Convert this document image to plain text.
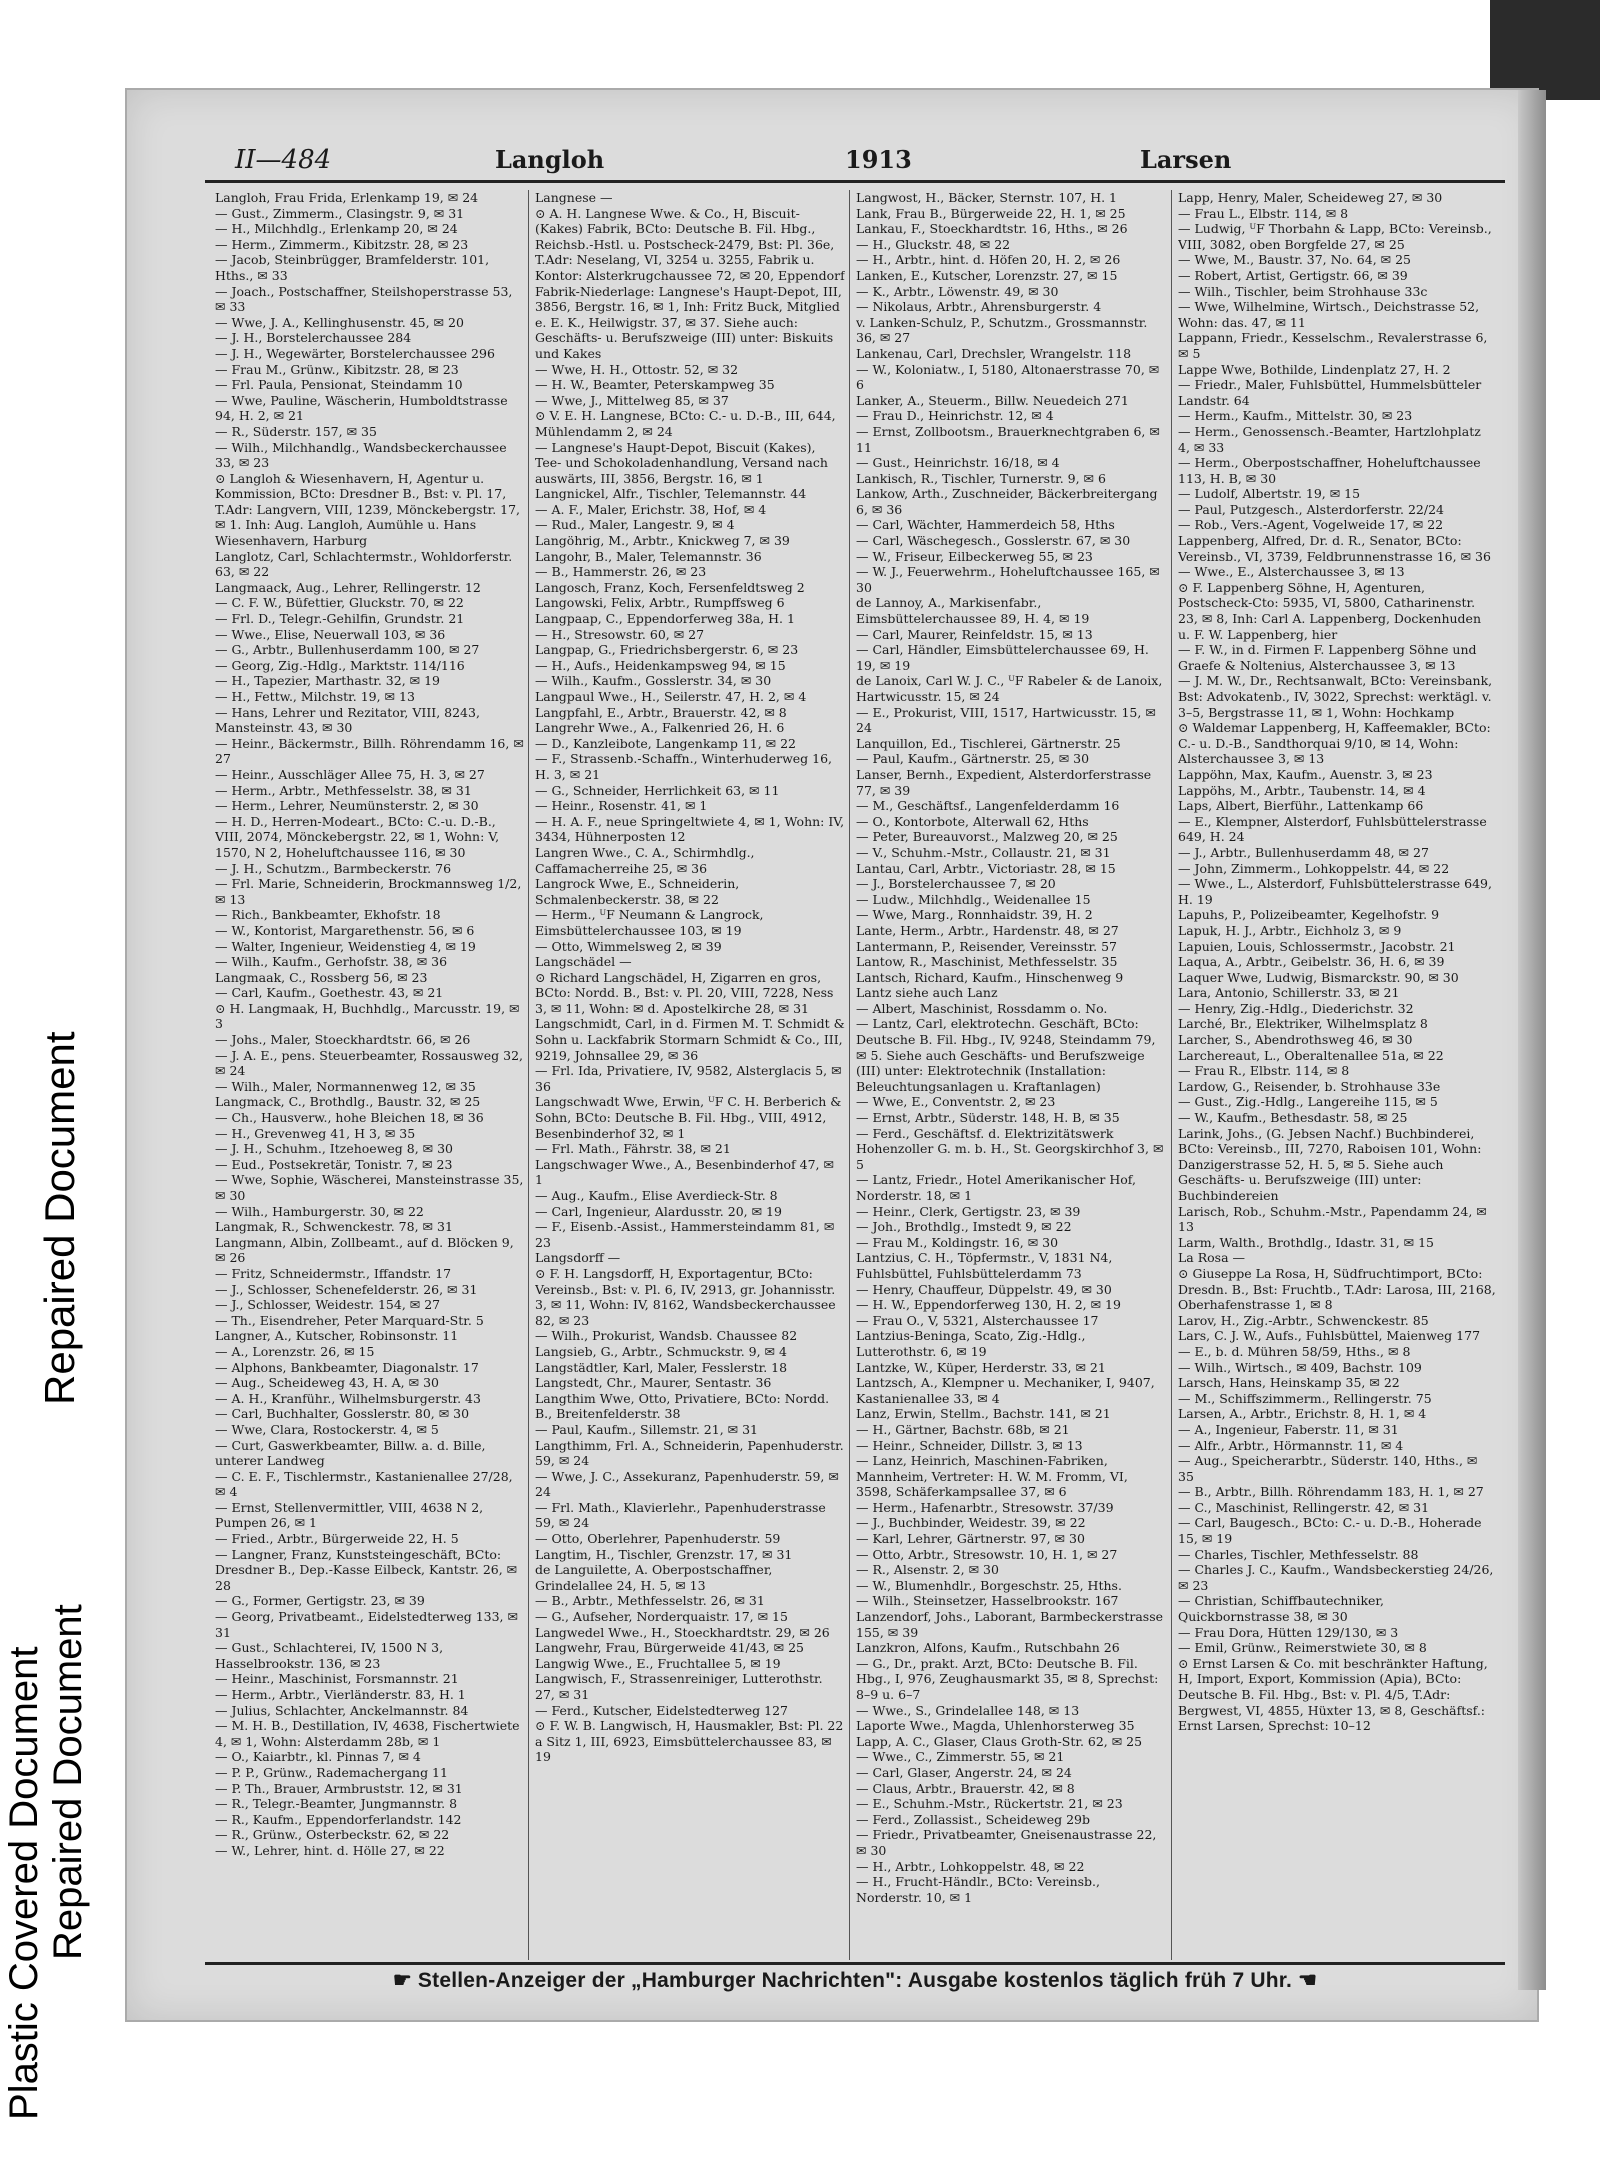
Plastic Covered Document Repaired Document
Repaired Document
II—484	Langloh	1913	Larsen

Langloh, Frau Frida, Erlenkamp 19, ✉ 24

— Gust., Zimmerm., Clasingstr. 9, ✉ 31

— H., Milchhdlg., Erlenkamp 20, ✉ 24

— Herm., Zimmerm., Kibitzstr. 28, ✉ 23

— Jacob, Steinbrügger, Bramfelderstr. 101, Hths., ✉ 33

— Joach., Postschaffner, Steilshoperstrasse 53, ✉ 33

— Wwe, J. A., Kellinghusenstr. 45, ✉ 20

— J. H., Borstelerchaussee 284

— J. H., Wegewärter, Borstelerchaussee 296

— Frau M., Grünw., Kibitzstr. 28, ✉ 23

— Frl. Paula, Pensionat, Steindamm 10

— Wwe, Pauline, Wäscherin, Humboldtstrasse 94, H. 2, ✉ 21

— R., Süderstr. 157, ✉ 35

— Wilh., Milchhandlg., Wandsbeckerchaussee 33, ✉ 23

⊙ Langloh & Wiesenhavern, H, Agentur u. Kommission, BCto: Dresdner B., Bst: v. Pl. 17, T.Adr: Langvern, VIII, 1239, Mönckebergstr. 17, ✉ 1. Inh: Aug. Langloh, Aumühle u. Hans Wiesenhavern, Harburg

Langlotz, Carl, Schlachtermstr., Wohldorferstr. 63, ✉ 22

Langmaack, Aug., Lehrer, Rellingerstr. 12

— C. F. W., Büfettier, Gluckstr. 70, ✉ 22

— Frl. D., Telegr.-Gehilfin, Grundstr. 21

— Wwe., Elise, Neuerwall 103, ✉ 36

— G., Arbtr., Bullenhuserdamm 100, ✉ 27

— Georg, Zig.-Hdlg., Marktstr. 114/116

— H., Tapezier, Marthastr. 32, ✉ 19

— H., Fettw., Milchstr. 19, ✉ 13

— Hans, Lehrer und Rezitator, VIII, 8243, Mansteinstr. 43, ✉ 30

— Heinr., Bäckermstr., Billh. Röhrendamm 16, ✉ 27

— Heinr., Ausschläger Allee 75, H. 3, ✉ 27

— Herm., Arbtr., Methfesselstr. 38, ✉ 31

— Herm., Lehrer, Neumünsterstr. 2, ✉ 30

— H. D., Herren-Modeart., BCto: C.-u. D.-B., VIII, 2074, Mönckebergstr. 22, ✉ 1, Wohn: V, 1570, N 2, Hoheluftchaussee 116, ✉ 30

— J. H., Schutzm., Barmbeckerstr. 76

— Frl. Marie, Schneiderin, Brockmannsweg 1/2, ✉ 13

— Rich., Bankbeamter, Ekhofstr. 18

— W., Kontorist, Margarethenstr. 56, ✉ 6

— Walter, Ingenieur, Weidenstieg 4, ✉ 19

— Wilh., Kaufm., Gerhofstr. 38, ✉ 36

Langmaak, C., Rossberg 56, ✉ 23

— Carl, Kaufm., Goethestr. 43, ✉ 21

⊙ H. Langmaak, H, Buchhdlg., Marcusstr. 19, ✉ 3

— Johs., Maler, Stoeckhardtstr. 66, ✉ 26

— J. A. E., pens. Steuerbeamter, Rossausweg 32, ✉ 24

— Wilh., Maler, Normannenweg 12, ✉ 35

Langmack, C., Brothdlg., Baustr. 32, ✉ 25

— Ch., Hausverw., hohe Bleichen 18, ✉ 36

— H., Grevenweg 41, H 3, ✉ 35

— J. H., Schuhm., Itzehoeweg 8, ✉ 30

— Eud., Postsekretär, Tonistr. 7, ✉ 23

— Wwe, Sophie, Wäscherei, Mansteinstrasse 35, ✉ 30

— Wilh., Hamburgerstr. 30, ✉ 22

Langmak, R., Schwenckestr. 78, ✉ 31

Langmann, Albin, Zollbeamt., auf d. Blöcken 9, ✉ 26

— Fritz, Schneidermstr., Iffandstr. 17

— J., Schlosser, Schenefelderstr. 26, ✉ 31

— J., Schlosser, Weidestr. 154, ✉ 27

— Th., Eisendreher, Peter Marquard-Str. 5

Langner, A., Kutscher, Robinsonstr. 11

— A., Lorenzstr. 26, ✉ 15

— Alphons, Bankbeamter, Diagonalstr. 17

— Aug., Scheideweg 43, H. A, ✉ 30

— A. H., Kranführ., Wilhelmsburgerstr. 43

— Carl, Buchhalter, Gosslerstr. 80, ✉ 30

— Wwe, Clara, Rostockerstr. 4, ✉ 5

— Curt, Gaswerkbeamter, Billw. a. d. Bille, unterer Landweg

— C. E. F., Tischlermstr., Kastanienallee 27/28, ✉ 4

— Ernst, Stellenvermittler, VIII, 4638 N 2, Pumpen 26, ✉ 1

— Fried., Arbtr., Bürgerweide 22, H. 5

— Langner, Franz, Kunststeingeschäft, BCto: Dresdner B., Dep.-Kasse Eilbeck, Kantstr. 26, ✉ 28

— G., Former, Gertigstr. 23, ✉ 39

— Georg, Privatbeamt., Eidelstedterweg 133, ✉ 31

— Gust., Schlachterei, IV, 1500 N 3, Hasselbrookstr. 136, ✉ 23

— Heinr., Maschinist, Forsmannstr. 21

— Herm., Arbtr., Vierländerstr. 83, H. 1

— Julius, Schlachter, Anckelmannstr. 84

— M. H. B., Destillation, IV, 4638, Fischertwiete 4, ✉ 1, Wohn: Alsterdamm 28b, ✉ 1

— O., Kaiarbtr., kl. Pinnas 7, ✉ 4

— P. P., Grünw., Rademachergang 11

— P. Th., Brauer, Armbruststr. 12, ✉ 31

— R., Telegr.-Beamter, Jungmannstr. 8

— R., Kaufm., Eppendorferlandstr. 142

— R., Grünw., Osterbeckstr. 62, ✉ 22

— W., Lehrer, hint. d. Hölle 27, ✉ 22

Langnese —

⊙ A. H. Langnese Wwe. & Co., H, Biscuit-(Kakes) Fabrik, BCto: Deutsche B. Fil. Hbg., Reichsb.-Hstl. u. Postscheck-2479, Bst: Pl. 36e, T.Adr: Neselang, VI, 3254 u. 3255, Fabrik u. Kontor: Alsterkrugchaussee 72, ✉ 20, Eppendorf Fabrik-Niederlage: Langnese's Haupt-Depot, III, 3856, Bergstr. 16, ✉ 1, Inh: Fritz Buck, Mitglied e. E. K., Heilwigstr. 37, ✉ 37. Siehe auch: Geschäfts- u. Berufszweige (III) unter: Biskuits und Kakes

— Wwe, H. H., Ottostr. 52, ✉ 32

— H. W., Beamter, Peterskampweg 35

— Wwe, J., Mittelweg 85, ✉ 37

⊙ V. E. H. Langnese, BCto: C.- u. D.-B., III, 644, Mühlendamm 2, ✉ 24

— Langnese's Haupt-Depot, Biscuit (Kakes), Tee- und Schokoladenhandlung, Versand nach auswärts, III, 3856, Bergstr. 16, ✉ 1

Langnickel, Alfr., Tischler, Telemannstr. 44

— A. F., Maler, Erichstr. 38, Hof, ✉ 4

— Rud., Maler, Langestr. 9, ✉ 4

Langöhrig, M., Arbtr., Knickweg 7, ✉ 39

Langohr, B., Maler, Telemannstr. 36

— B., Hammerstr. 26, ✉ 23

Langosch, Franz, Koch, Fersenfeldtsweg 2

Langowski, Felix, Arbtr., Rumpffsweg 6

Langpaap, C., Eppendorferweg 38a, H. 1

— H., Stresowstr. 60, ✉ 27

Langpap, G., Friedrichsbergerstr. 6, ✉ 23

— H., Aufs., Heidenkampsweg 94, ✉ 15

— Wilh., Kaufm., Gosslerstr. 34, ✉ 30

Langpaul Wwe., H., Seilerstr. 47, H. 2, ✉ 4

Langpfahl, E., Arbtr., Brauerstr. 42, ✉ 8

Langrehr Wwe., A., Falkenried 26, H. 6

— D., Kanzleibote, Langenkamp 11, ✉ 22

— F., Strassenb.-Schaffn., Winterhuderweg 16, H. 3, ✉ 21

— G., Schneider, Herrlichkeit 63, ✉ 11

— Heinr., Rosenstr. 41, ✉ 1

— H. A. F., neue Springeltwiete 4, ✉ 1, Wohn: IV, 3434, Hühnerposten 12

Langren Wwe., C. A., Schirmhdlg., Caffamacherreihe 25, ✉ 36

Langrock Wwe, E., Schneiderin, Schmalenbeckerstr. 38, ✉ 22

— Herm., ᵁF Neumann & Langrock, Eimsbüttelerchaussee 103, ✉ 19

— Otto, Wimmelsweg 2, ✉ 39

Langschädel —

⊙ Richard Langschädel, H, Zigarren en gros, BCto: Nordd. B., Bst: v. Pl. 20, VIII, 7228, Ness 3, ✉ 11, Wohn: ✉ d. Apostelkirche 28, ✉ 31

Langschmidt, Carl, in d. Firmen M. T. Schmidt & Sohn u. Lackfabrik Stormarn Schmidt & Co., III, 9219, Johnsallee 29, ✉ 36

— Frl. Ida, Privatiere, IV, 9582, Alsterglacis 5, ✉ 36

Langschwadt Wwe, Erwin, ᵁF C. H. Berberich & Sohn, BCto: Deutsche B. Fil. Hbg., VIII, 4912, Besenbinderhof 32, ✉ 1

— Frl. Math., Fährstr. 38, ✉ 21

Langschwager Wwe., A., Besenbinderhof 47, ✉ 1

— Aug., Kaufm., Elise Averdieck-Str. 8

— Carl, Ingenieur, Alardusstr. 20, ✉ 19

— F., Eisenb.-Assist., Hammersteindamm 81, ✉ 23

Langsdorff —

⊙ F. H. Langsdorff, H, Exportagentur, BCto: Vereinsb., Bst: v. Pl. 6, IV, 2913, gr. Johannisstr. 3, ✉ 11, Wohn: IV, 8162, Wandsbeckerchaussee 82, ✉ 23

— Wilh., Prokurist, Wandsb. Chaussee 82

Langsieb, G., Arbtr., Schmuckstr. 9, ✉ 4

Langstädtler, Karl, Maler, Fesslerstr. 18

Langstedt, Chr., Maurer, Sentastr. 36

Langthim Wwe, Otto, Privatiere, BCto: Nordd. B., Breitenfelderstr. 38

— Paul, Kaufm., Sillemstr. 21, ✉ 31

Langthimm, Frl. A., Schneiderin, Papenhuderstr. 59, ✉ 24

— Wwe, J. C., Assekuranz, Papenhuderstr. 59, ✉ 24

— Frl. Math., Klavierlehr., Papenhuderstrasse 59, ✉ 24

— Otto, Oberlehrer, Papenhuderstr. 59

Langtim, H., Tischler, Grenzstr. 17, ✉ 31

de Languilette, A. Oberpostschaffner, Grindelallee 24, H. 5, ✉ 13

— B., Arbtr., Methfesselstr. 26, ✉ 31

— G., Aufseher, Norderquaistr. 17, ✉ 15

Langwedel Wwe., H., Stoeckhardtstr. 29, ✉ 26

Langwehr, Frau, Bürgerweide 41/43, ✉ 25

Langwig Wwe., E., Fruchtallee 5, ✉ 19

Langwisch, F., Strassenreiniger, Lutterothstr. 27, ✉ 31

— Ferd., Kutscher, Eidelstedterweg 127

⊙ F. W. B. Langwisch, H, Hausmakler, Bst: Pl. 22 a Sitz 1, III, 6923, Eimsbüttelerchaussee 83, ✉ 19

Langwost, H., Bäcker, Sternstr. 107, H. 1

Lank, Frau B., Bürgerweide 22, H. 1, ✉ 25

Lankau, F., Stoeckhardtstr. 16, Hths., ✉ 26

— H., Gluckstr. 48, ✉ 22

— H., Arbtr., hint. d. Höfen 20, H. 2, ✉ 26

Lanken, E., Kutscher, Lorenzstr. 27, ✉ 15

— K., Arbtr., Löwenstr. 49, ✉ 30

— Nikolaus, Arbtr., Ahrensburgerstr. 4

v. Lanken-Schulz, P., Schutzm., Grossmannstr. 36, ✉ 27

Lankenau, Carl, Drechsler, Wrangelstr. 118

— W., Koloniatw., I, 5180, Altonaerstrasse 70, ✉ 6

Lanker, A., Steuerm., Billw. Neuedeich 271

— Frau D., Heinrichstr. 12, ✉ 4

— Ernst, Zollbootsm., Brauerknechtgraben 6, ✉ 11

— Gust., Heinrichstr. 16/18, ✉ 4

Lankisch, R., Tischler, Turnerstr. 9, ✉ 6

Lankow, Arth., Zuschneider, Bäckerbreitergang 6, ✉ 36

— Carl, Wächter, Hammerdeich 58, Hths

— Carl, Wäschegesch., Gosslerstr. 67, ✉ 30

— W., Friseur, Eilbeckerweg 55, ✉ 23

— W. J., Feuerwehrm., Hoheluftchaussee 165, ✉ 30

de Lannoy, A., Markisenfabr., Eimsbüttelerchaussee 89, H. 4, ✉ 19

— Carl, Maurer, Reinfeldstr. 15, ✉ 13

— Carl, Händler, Eimsbüttelerchaussee 69, H. 19, ✉ 19

de Lanoix, Carl W. J. C., ᵁF Rabeler & de Lanoix, Hartwicusstr. 15, ✉ 24

— E., Prokurist, VIII, 1517, Hartwicusstr. 15, ✉ 24

Lanquillon, Ed., Tischlerei, Gärtnerstr. 25

— Paul, Kaufm., Gärtnerstr. 25, ✉ 30

Lanser, Bernh., Expedient, Alsterdorferstrasse 77, ✉ 39

— M., Geschäftsf., Langenfelderdamm 16

— O., Kontorbote, Alterwall 62, Hths

— Peter, Bureauvorst., Malzweg 20, ✉ 25

— V., Schuhm.-Mstr., Collaustr. 21, ✉ 31

Lantau, Carl, Arbtr., Victoriastr. 28, ✉ 15

— J., Borstelerchaussee 7, ✉ 20

— Ludw., Milchhdlg., Weidenallee 15

— Wwe, Marg., Ronnhaidstr. 39, H. 2

Lante, Herm., Arbtr., Hardenstr. 48, ✉ 27

Lantermann, P., Reisender, Vereinsstr. 57

Lantow, R., Maschinist, Methfesselstr. 35

Lantsch, Richard, Kaufm., Hinschenweg 9

Lantz siehe auch Lanz

— Albert, Maschinist, Rossdamm o. No.

— Lantz, Carl, elektrotechn. Geschäft, BCto: Deutsche B. Fil. Hbg., IV, 9248, Steindamm 79, ✉ 5. Siehe auch Geschäfts- und Berufszweige (III) unter: Elektrotechnik (Installation: Beleuchtungsanlagen u. Kraftanlagen)

— Wwe, E., Conventstr. 2, ✉ 23

— Ernst, Arbtr., Süderstr. 148, H. B, ✉ 35

— Ferd., Geschäftsf. d. Elektrizitätswerk Hohenzoller G. m. b. H., St. Georgskirchhof 3, ✉ 5

— Lantz, Friedr., Hotel Amerikanischer Hof, Norderstr. 18, ✉ 1

— Heinr., Clerk, Gertigstr. 23, ✉ 39

— Joh., Brothdlg., Imstedt 9, ✉ 22

— Frau M., Koldingstr. 16, ✉ 30

Lantzius, C. H., Töpfermstr., V, 1831 N4, Fuhlsbüttel, Fuhlsbüttelerdamm 73

— Henry, Chauffeur, Düppelstr. 49, ✉ 30

— H. W., Eppendorferweg 130, H. 2, ✉ 19

— Frau O., V, 5321, Alsterchaussee 17

Lantzius-Beninga, Scato, Zig.-Hdlg., Lutterothstr. 6, ✉ 19

Lantzke, W., Küper, Herderstr. 33, ✉ 21

Lantzsch, A., Klempner u. Mechaniker, I, 9407, Kastanienallee 33, ✉ 4

Lanz, Erwin, Stellm., Bachstr. 141, ✉ 21

— H., Gärtner, Bachstr. 68b, ✉ 21

— Heinr., Schneider, Dillstr. 3, ✉ 13

— Lanz, Heinrich, Maschinen-Fabriken, Mannheim, Vertreter: H. W. M. Fromm, VI, 3598, Schäferkampsallee 37, ✉ 6

— Herm., Hafenarbtr., Stresowstr. 37/39

— J., Buchbinder, Weidestr. 39, ✉ 22

— Karl, Lehrer, Gärtnerstr. 97, ✉ 30

— Otto, Arbtr., Stresowstr. 10, H. 1, ✉ 27

— R., Alsenstr. 2, ✉ 30

— W., Blumenhdlr., Borgeschstr. 25, Hths.

— Wilh., Steinsetzer, Hasselbrookstr. 167

Lanzendorf, Johs., Laborant, Barmbeckerstrasse 155, ✉ 39

Lanzkron, Alfons, Kaufm., Rutschbahn 26

— G., Dr., prakt. Arzt, BCto: Deutsche B. Fil. Hbg., I, 976, Zeughausmarkt 35, ✉ 8, Sprechst: 8–9 u. 6–7

— Wwe., S., Grindelallee 148, ✉ 13

Laporte Wwe., Magda, Uhlenhorsterweg 35

Lapp, A. C., Glaser, Claus Groth-Str. 62, ✉ 25

— Wwe., C., Zimmerstr. 55, ✉ 21

— Carl, Glaser, Angerstr. 24, ✉ 24

— Claus, Arbtr., Brauerstr. 42, ✉ 8

— E., Schuhm.-Mstr., Rückertstr. 21, ✉ 23

— Ferd., Zollassist., Scheideweg 29b

— Friedr., Privatbeamter, Gneisenaustrasse 22, ✉ 30

— H., Arbtr., Lohkoppelstr. 48, ✉ 22

— H., Frucht-Händlr., BCto: Vereinsb., Norderstr. 10, ✉ 1

Lapp, Henry, Maler, Scheideweg 27, ✉ 30

— Frau L., Elbstr. 114, ✉ 8

— Ludwig, ᵁF Thorbahn & Lapp, BCto: Vereinsb., VIII, 3082, oben Borgfelde 27, ✉ 25

— Wwe, M., Baustr. 37, No. 64, ✉ 25

— Robert, Artist, Gertigstr. 66, ✉ 39

— Wilh., Tischler, beim Strohhause 33c

— Wwe, Wilhelmine, Wirtsch., Deichstrasse 52, Wohn: das. 47, ✉ 11

Lappann, Friedr., Kesselschm., Revalerstrasse 6, ✉ 5

Lappe Wwe, Bothilde, Lindenplatz 27, H. 2

— Friedr., Maler, Fuhlsbüttel, Hummelsbütteler Landstr. 64

— Herm., Kaufm., Mittelstr. 30, ✉ 23

— Herm., Genossensch.-Beamter, Hartzlohplatz 4, ✉ 33

— Herm., Oberpostschaffner, Hoheluftchaussee 113, H. B, ✉ 30

— Ludolf, Albertstr. 19, ✉ 15

— Paul, Putzgesch., Alsterdorferstr. 22/24

— Rob., Vers.-Agent, Vogelweide 17, ✉ 22

Lappenberg, Alfred, Dr. d. R., Senator, BCto: Vereinsb., VI, 3739, Feldbrunnenstrasse 16, ✉ 36

— Wwe., E., Alsterchaussee 3, ✉ 13

⊙ F. Lappenberg Söhne, H, Agenturen, Postscheck-Cto: 5935, VI, 5800, Catharinenstr. 23, ✉ 8, Inh: Carl A. Lappenberg, Dockenhuden u. F. W. Lappenberg, hier

— F. W., in d. Firmen F. Lappenberg Söhne und Graefe & Noltenius, Alsterchaussee 3, ✉ 13

— J. M. W., Dr., Rechtsanwalt, BCto: Vereinsbank, Bst: Advokatenb., IV, 3022, Sprechst: werktägl. v. 3–5, Bergstrasse 11, ✉ 1, Wohn: Hochkamp

⊙ Waldemar Lappenberg, H, Kaffeemakler, BCto: C.- u. D.-B., Sandthorquai 9/10, ✉ 14, Wohn: Alsterchaussee 3, ✉ 13

Lappöhn, Max, Kaufm., Auenstr. 3, ✉ 23

Lappöhs, M., Arbtr., Taubenstr. 14, ✉ 4

Laps, Albert, Bierführ., Lattenkamp 66

— E., Klempner, Alsterdorf, Fuhlsbüttelerstrasse 649, H. 24

— J., Arbtr., Bullenhuserdamm 48, ✉ 27

— John, Zimmerm., Lohkoppelstr. 44, ✉ 22

— Wwe., L., Alsterdorf, Fuhlsbüttelerstrasse 649, H. 19

Lapuhs, P., Polizeibeamter, Kegelhofstr. 9

Lapuk, H. J., Arbtr., Eichholz 3, ✉ 9

Lapuien, Louis, Schlossermstr., Jacobstr. 21

Laqua, A., Arbtr., Geibelstr. 36, H. 6, ✉ 39

Laquer Wwe, Ludwig, Bismarckstr. 90, ✉ 30

Lara, Antonio, Schillerstr. 33, ✉ 21

— Henry, Zig.-Hdlg., Diederichstr. 32

Larché, Br., Elektriker, Wilhelmsplatz 8

Larcher, S., Abendrothsweg 46, ✉ 30

Larchereaut, L., Oberaltenallee 51a, ✉ 22

— Frau R., Elbstr. 114, ✉ 8

Lardow, G., Reisender, b. Strohhause 33e

— Gust., Zig.-Hdlg., Langereihe 115, ✉ 5

— W., Kaufm., Bethesdastr. 58, ✉ 25

Larink, Johs., (G. Jebsen Nachf.) Buchbinderei, BCto: Vereinsb., III, 7270, Raboisen 101, Wohn: Danzigerstrasse 52, H. 5, ✉ 5. Siehe auch Geschäfts- u. Berufszweige (III) unter: Buchbindereien

Larisch, Rob., Schuhm.-Mstr., Papendamm 24, ✉ 13

Larm, Walth., Brothdlg., Idastr. 31, ✉ 15

La Rosa —

⊙ Giuseppe La Rosa, H, Südfruchtimport, BCto: Dresdn. B., Bst: Fruchtb., T.Adr: Larosa, III, 2168, Oberhafenstrasse 1, ✉ 8

Larov, H., Zig.-Arbtr., Schwenckestr. 85

Lars, C. J. W., Aufs., Fuhlsbüttel, Maienweg 177

— E., b. d. Mühren 58/59, Hths., ✉ 8

— Wilh., Wirtsch., ✉ 409, Bachstr. 109

Larsch, Hans, Heinskamp 35, ✉ 22

— M., Schiffszimmerm., Rellingerstr. 75

Larsen, A., Arbtr., Erichstr. 8, H. 1, ✉ 4

— A., Ingenieur, Faberstr. 11, ✉ 31

— Alfr., Arbtr., Hörmannstr. 11, ✉ 4

— Aug., Speicherarbtr., Süderstr. 140, Hths., ✉ 35

— B., Arbtr., Billh. Röhrendamm 183, H. 1, ✉ 27

— C., Maschinist, Rellingerstr. 42, ✉ 31

— Carl, Baugesch., BCto: C.- u. D.-B., Hoherade 15, ✉ 19

— Charles, Tischler, Methfesselstr. 88

— Charles J. C., Kaufm., Wandsbeckerstieg 24/26, ✉ 23

— Christian, Schiffbautechniker, Quickbornstrasse 38, ✉ 30

— Frau Dora, Hütten 129/130, ✉ 3

— Emil, Grünw., Reimerstwiete 30, ✉ 8

⊙ Ernst Larsen & Co. mit beschränkter Haftung, H, Import, Export, Kommission (Apia), BCto: Deutsche B. Fil. Hbg., Bst: v. Pl. 4/5, T.Adr: Bergwest, VI, 4855, Hüxter 13, ✉ 8, Geschäftsf.: Ernst Larsen, Sprechst: 10–12

☛ Stellen-Anzeiger der „Hamburger Nachrichten": Ausgabe kostenlos täglich früh 7 Uhr. ☚
